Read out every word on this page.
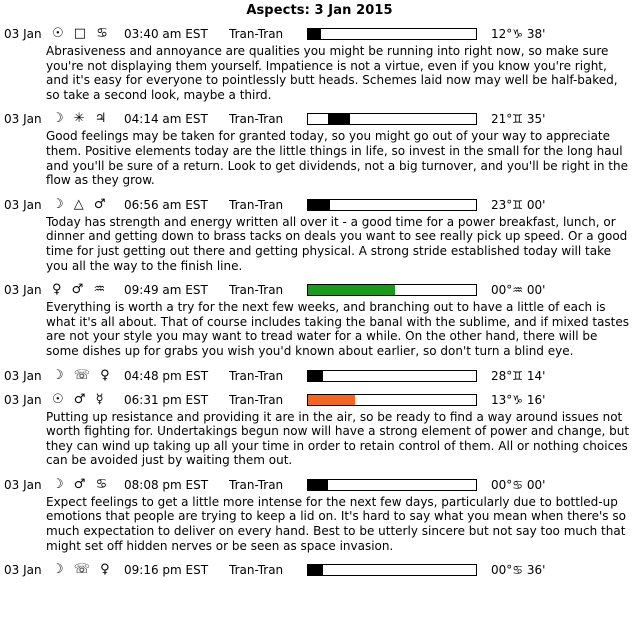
Aspects: 3 Jan 2015
03 Jan ☉ □ ♋	03:40 am EST	Tran-Tran	12°♑ 38'
Abrasiveness and annoyance are qualities you might be running into right now, so make sure you're not displaying them yourself. Impatience is not a virtue, even if you know you're right, and it's easy for everyone to pointlessly butt heads. Schemes laid now may well be half-baked, so take a second look, maybe a third.
03 Jan ☽ ✳ ♃	04:14 am EST	Tran-Tran	21°♊ 35'
Good feelings may be taken for granted today, so you might go out of your way to appreciate them. Positive elements today are the little things in life, so invest in the small for the long haul and you'll be sure of a return. Look to get dividends, not a big turnover, and you'll be right in the flow as they grow.
03 Jan ☽ △ ♂	06:56 am EST	Tran-Tran	23°♊ 00'
Today has strength and energy written all over it - a good time for a power breakfast, lunch, or dinner and getting down to brass tacks on deals you want to see really pick up speed. Or a good time for just getting out there and getting physical. A strong stride established today will take you all the way to the finish line.
03 Jan ♀ ♂ ♒	09:49 am EST	Tran-Tran	00°♒ 00'
Everything is worth a try for the next few weeks, and branching out to have a little of each is what it's all about. That of course includes taking the banal with the sublime, and if mixed tastes are not your style you may want to tread water for a while. On the other hand, there will be some dishes up for grabs you wish you'd known about earlier, so don't turn a blind eye.
03 Jan ☽ ☏ ♀ 04:48 pm EST	Tran-Tran	28°♊ 14'
03 Jan ☉ ♂ ☿	06:31 pm EST	Tran-Tran	13°♑ 16'
Putting up resistance and providing it are in the air, so be ready to find a way around issues not worth fighting for. Undertakings begun now will have a strong element of power and change, but they can wind up taking up all your time in order to retain control of them. All or nothing choices can be avoided just by waiting them out.
03 Jan ☽ ♂ ♋	08:08 pm EST	Tran-Tran	00°♋ 00'
Expect feelings to get a little more intense for the next few days, particularly due to bottled-up emotions that people are trying to keep a lid on. It's hard to say what you mean when there's so much expectation to deliver on every hand. Best to be utterly sincere but not say too much that might set off hidden nerves or be seen as space invasion.
03 Jan ☽ ☏ ♀ 09:16 pm EST	Tran-Tran	00°♋ 36'
